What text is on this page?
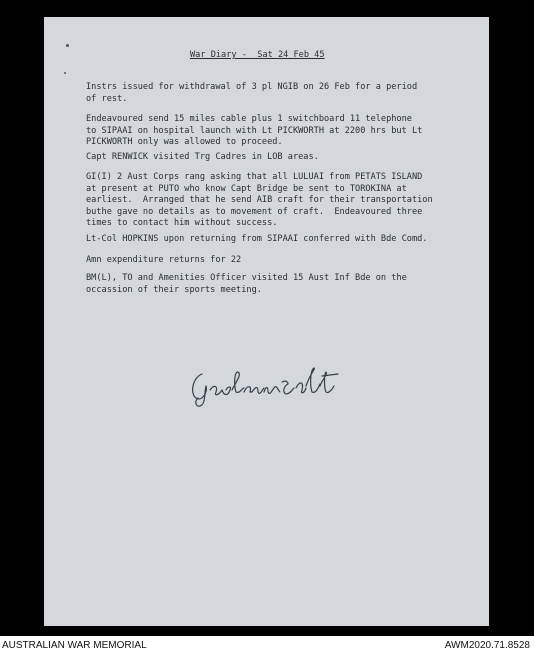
War Diary -  Sat 24 Feb 45

Instrs issued for withdrawal of 3 pl NGIB on 26 Feb for a period
of rest.

Endeavoured send 15 miles cable plus 1 switchboard 11 telephone
to SIPAAI on hospital launch with Lt PICKWORTH at 2200 hrs but Lt
PICKWORTH only was allowed to proceed.

Capt RENWICK visited Trg Cadres in LOB areas.

GI(I) 2 Aust Corps rang asking that all LULUAI from PETATS ISLAND
at present at PUTO who know Capt Bridge be sent to TOROKINA at
earliest.  Arranged that he send AIB craft for their transportation
buthe gave no details as to movement of craft.  Endeavoured three
times to contact him without success.

Lt-Col HOPKINS upon returning from SIPAAI conferred with Bde Comd.

Amn expenditure returns for 22

BM(L), TO and Amenities Officer visited 15 Aust Inf Bde on the
occassion of their sports meeting.

AUSTRALIAN WAR MEMORIAL	AWM2020.71.8528
